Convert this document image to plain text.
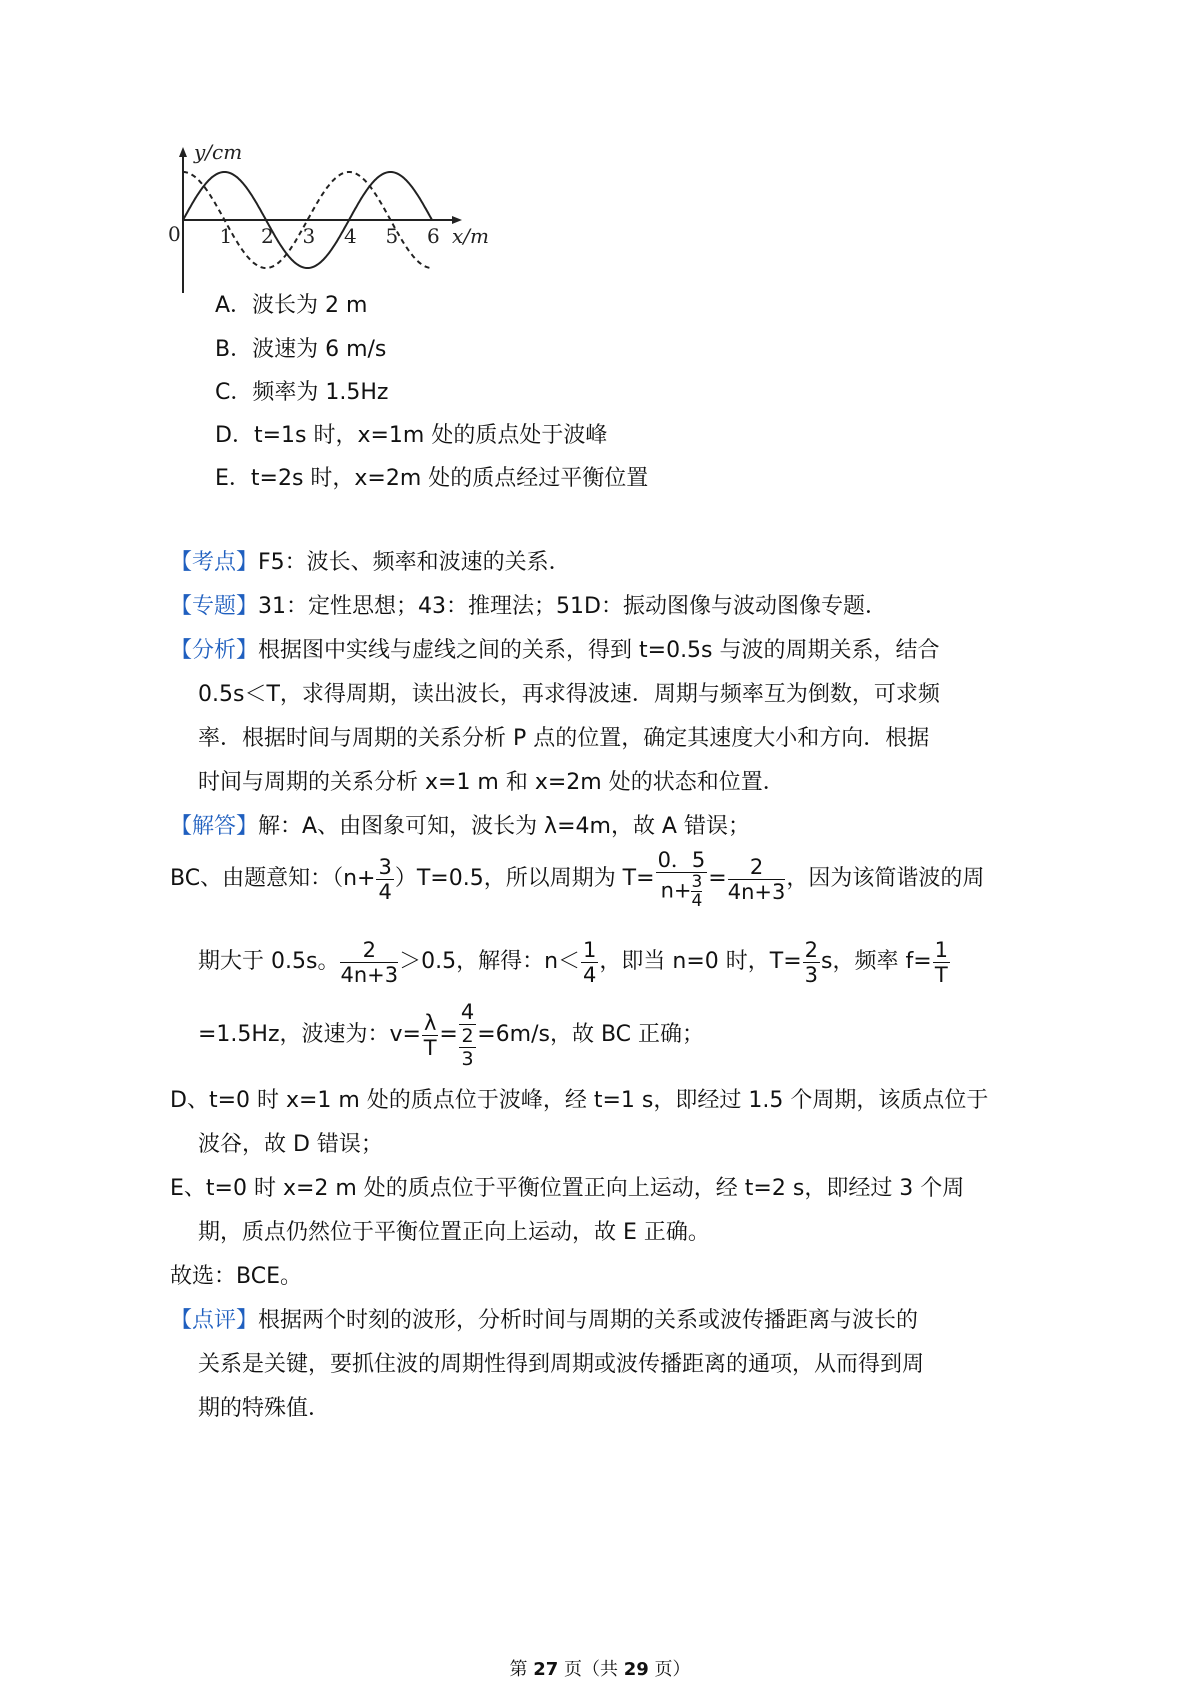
y/cm
x/m
0 1 2 3 4 5 6
A．波长为 2 m
B．波速为 6 m/s
C．频率为 1.5Hz
D．t=1s 时，x=1m 处的质点处于波峰
E．t=2s 时，x=2m 处的质点经过平衡位置
【考点】F5：波长、频率和波速的关系．
【专题】31：定性思想；43：推理法；51D：振动图像与波动图像专题．
【分析】根据图中实线与虚线之间的关系，得到 t=0.5s 与波的周期关系，结合
0.5s＜T，求得周期，读出波长，再求得波速．周期与频率互为倒数，可求频
率．根据时间与周期的关系分析 P 点的位置，确定其速度大小和方向．根据
时间与周期的关系分析 x=1 m 和 x=2m 处的状态和位置．
【解答】解：A、由图象可知，波长为 λ=4m，故 A 错误；
BC、由题意知：$(n+ \frac{3}{4} )T=0.5$，所以周期为 $T= \frac{0.5}{n+ \frac{3}{4}} = \frac{2}{4n+3}$ ，因为该简谐波的周
期大于 0.5s。 $\frac{2}{4n+3} >0.5$，解得：$n< \frac{1}{4}$ ，即当 n=0 时，$T= \frac{2}{3}$ s，频率 $f= \frac{1}{T}$
=1.5Hz，波速为：$v= \frac{\lambda}{T} = 4$
2
3 =6m/s，故 BC 正确；
D、t=0 时 x=1 m 处的质点位于波峰，经 t=1 s，即经过 1.5 个周期，该质点位于
波谷，故 D 错误；
E、t=0 时 x=2 m 处的质点位于平衡位置正向上运动，经 t=2 s，即经过 3 个周
期，质点仍然位于平衡位置正向上运动，故 E 正确。
故选：BCE。
【点评】根据两个时刻的波形，分析时间与周期的关系或波传播距离与波长的
关系是关键，要抓住波的周期性得到周期或波传播距离的通项，从而得到周
期的特殊值．
第 27 页（共 29 页）
